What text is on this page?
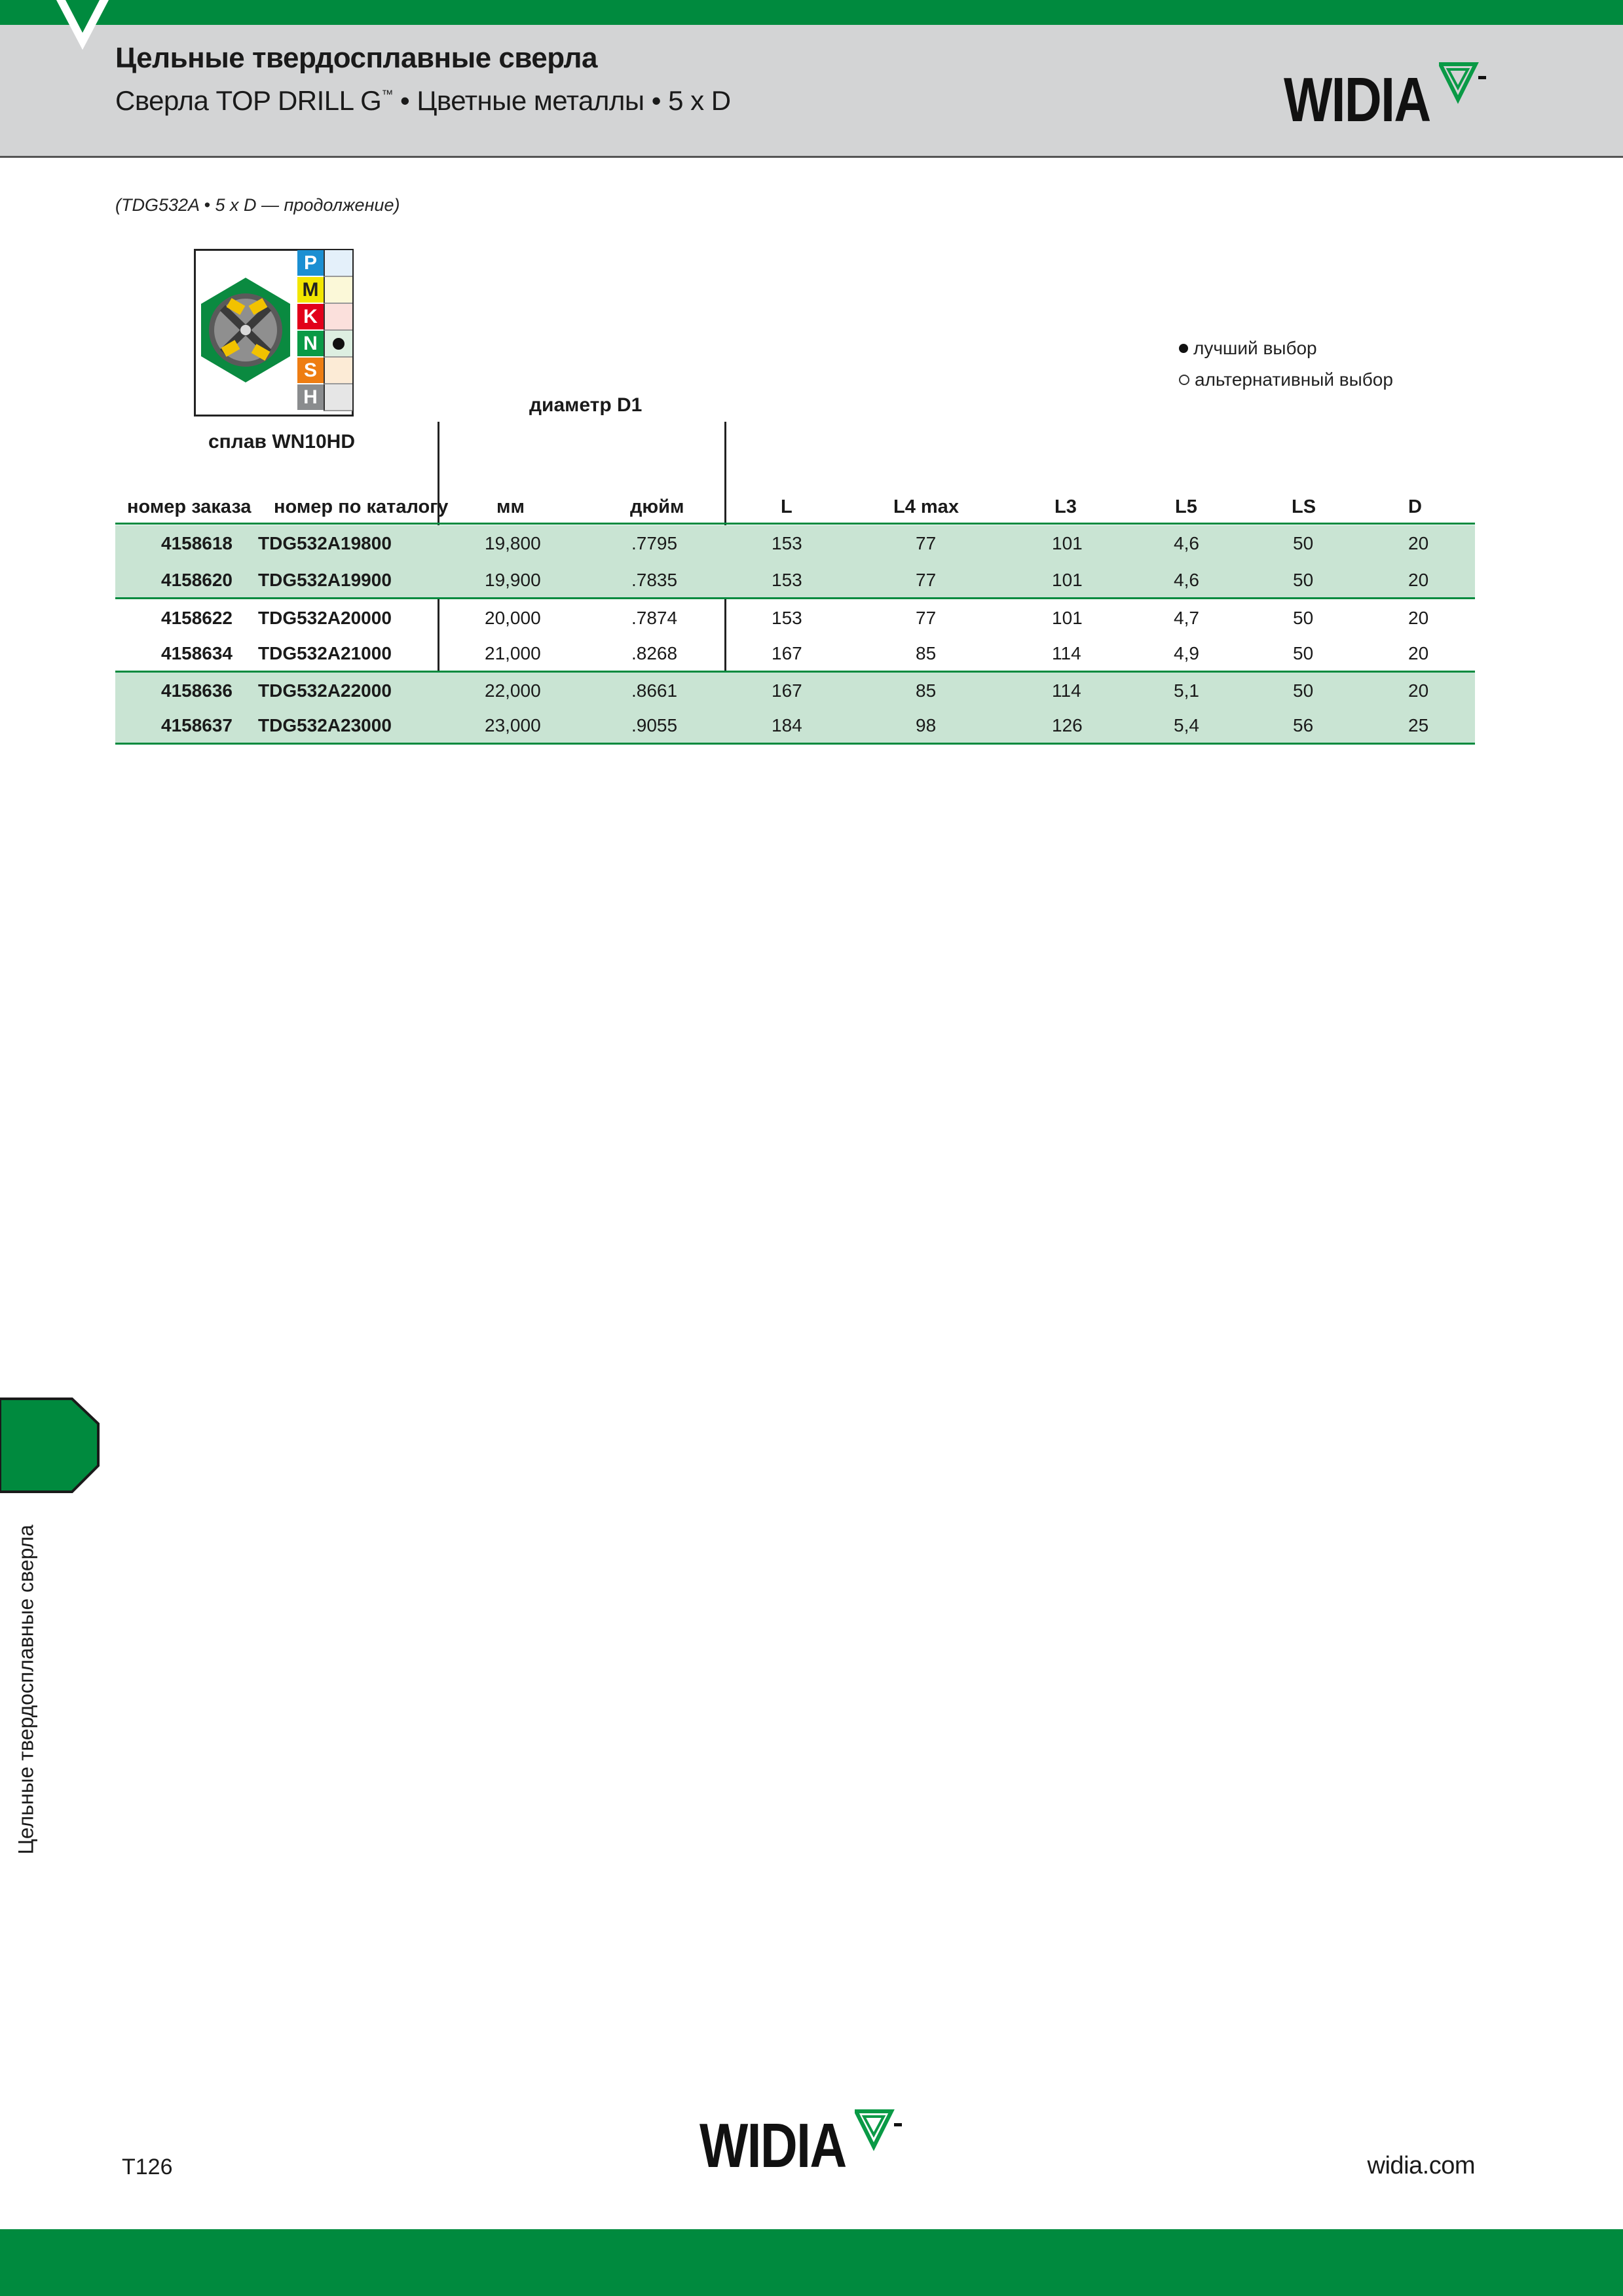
Цельные твердосплавные сверла
Сверла TOP DRILL G™ • Цветные металлы • 5 x D	WIDIA
(TDG532A • 5 x D — продолжение)
P
M
K
N
S
H
лучший выбор
альтернативный выбор
диаметр D1
сплав WN10HD
номер заказа номер по каталогу	мм	дюйм	L	L4 max	L3	L5	LS	D
4158618 TDG532A19800	19,800	.7795	153	77	101	4,6	50	20
4158620 TDG532A19900	19,900	.7835	153	77	101	4,6	50	20
4158622 TDG532A20000	20,000	.7874	153	77	101	4,7	50	20
4158634 TDG532A21000	21,000	.8268	167	85	114	4,9	50	20
4158636 TDG532A22000	22,000	.8661	167	85	114	5,1	50	20
4158637 TDG532A23000	23,000	.9055	184	98	126	5,4	56	25
Цельные твердосплавные сверла
T126	WIDIA	widia.com
